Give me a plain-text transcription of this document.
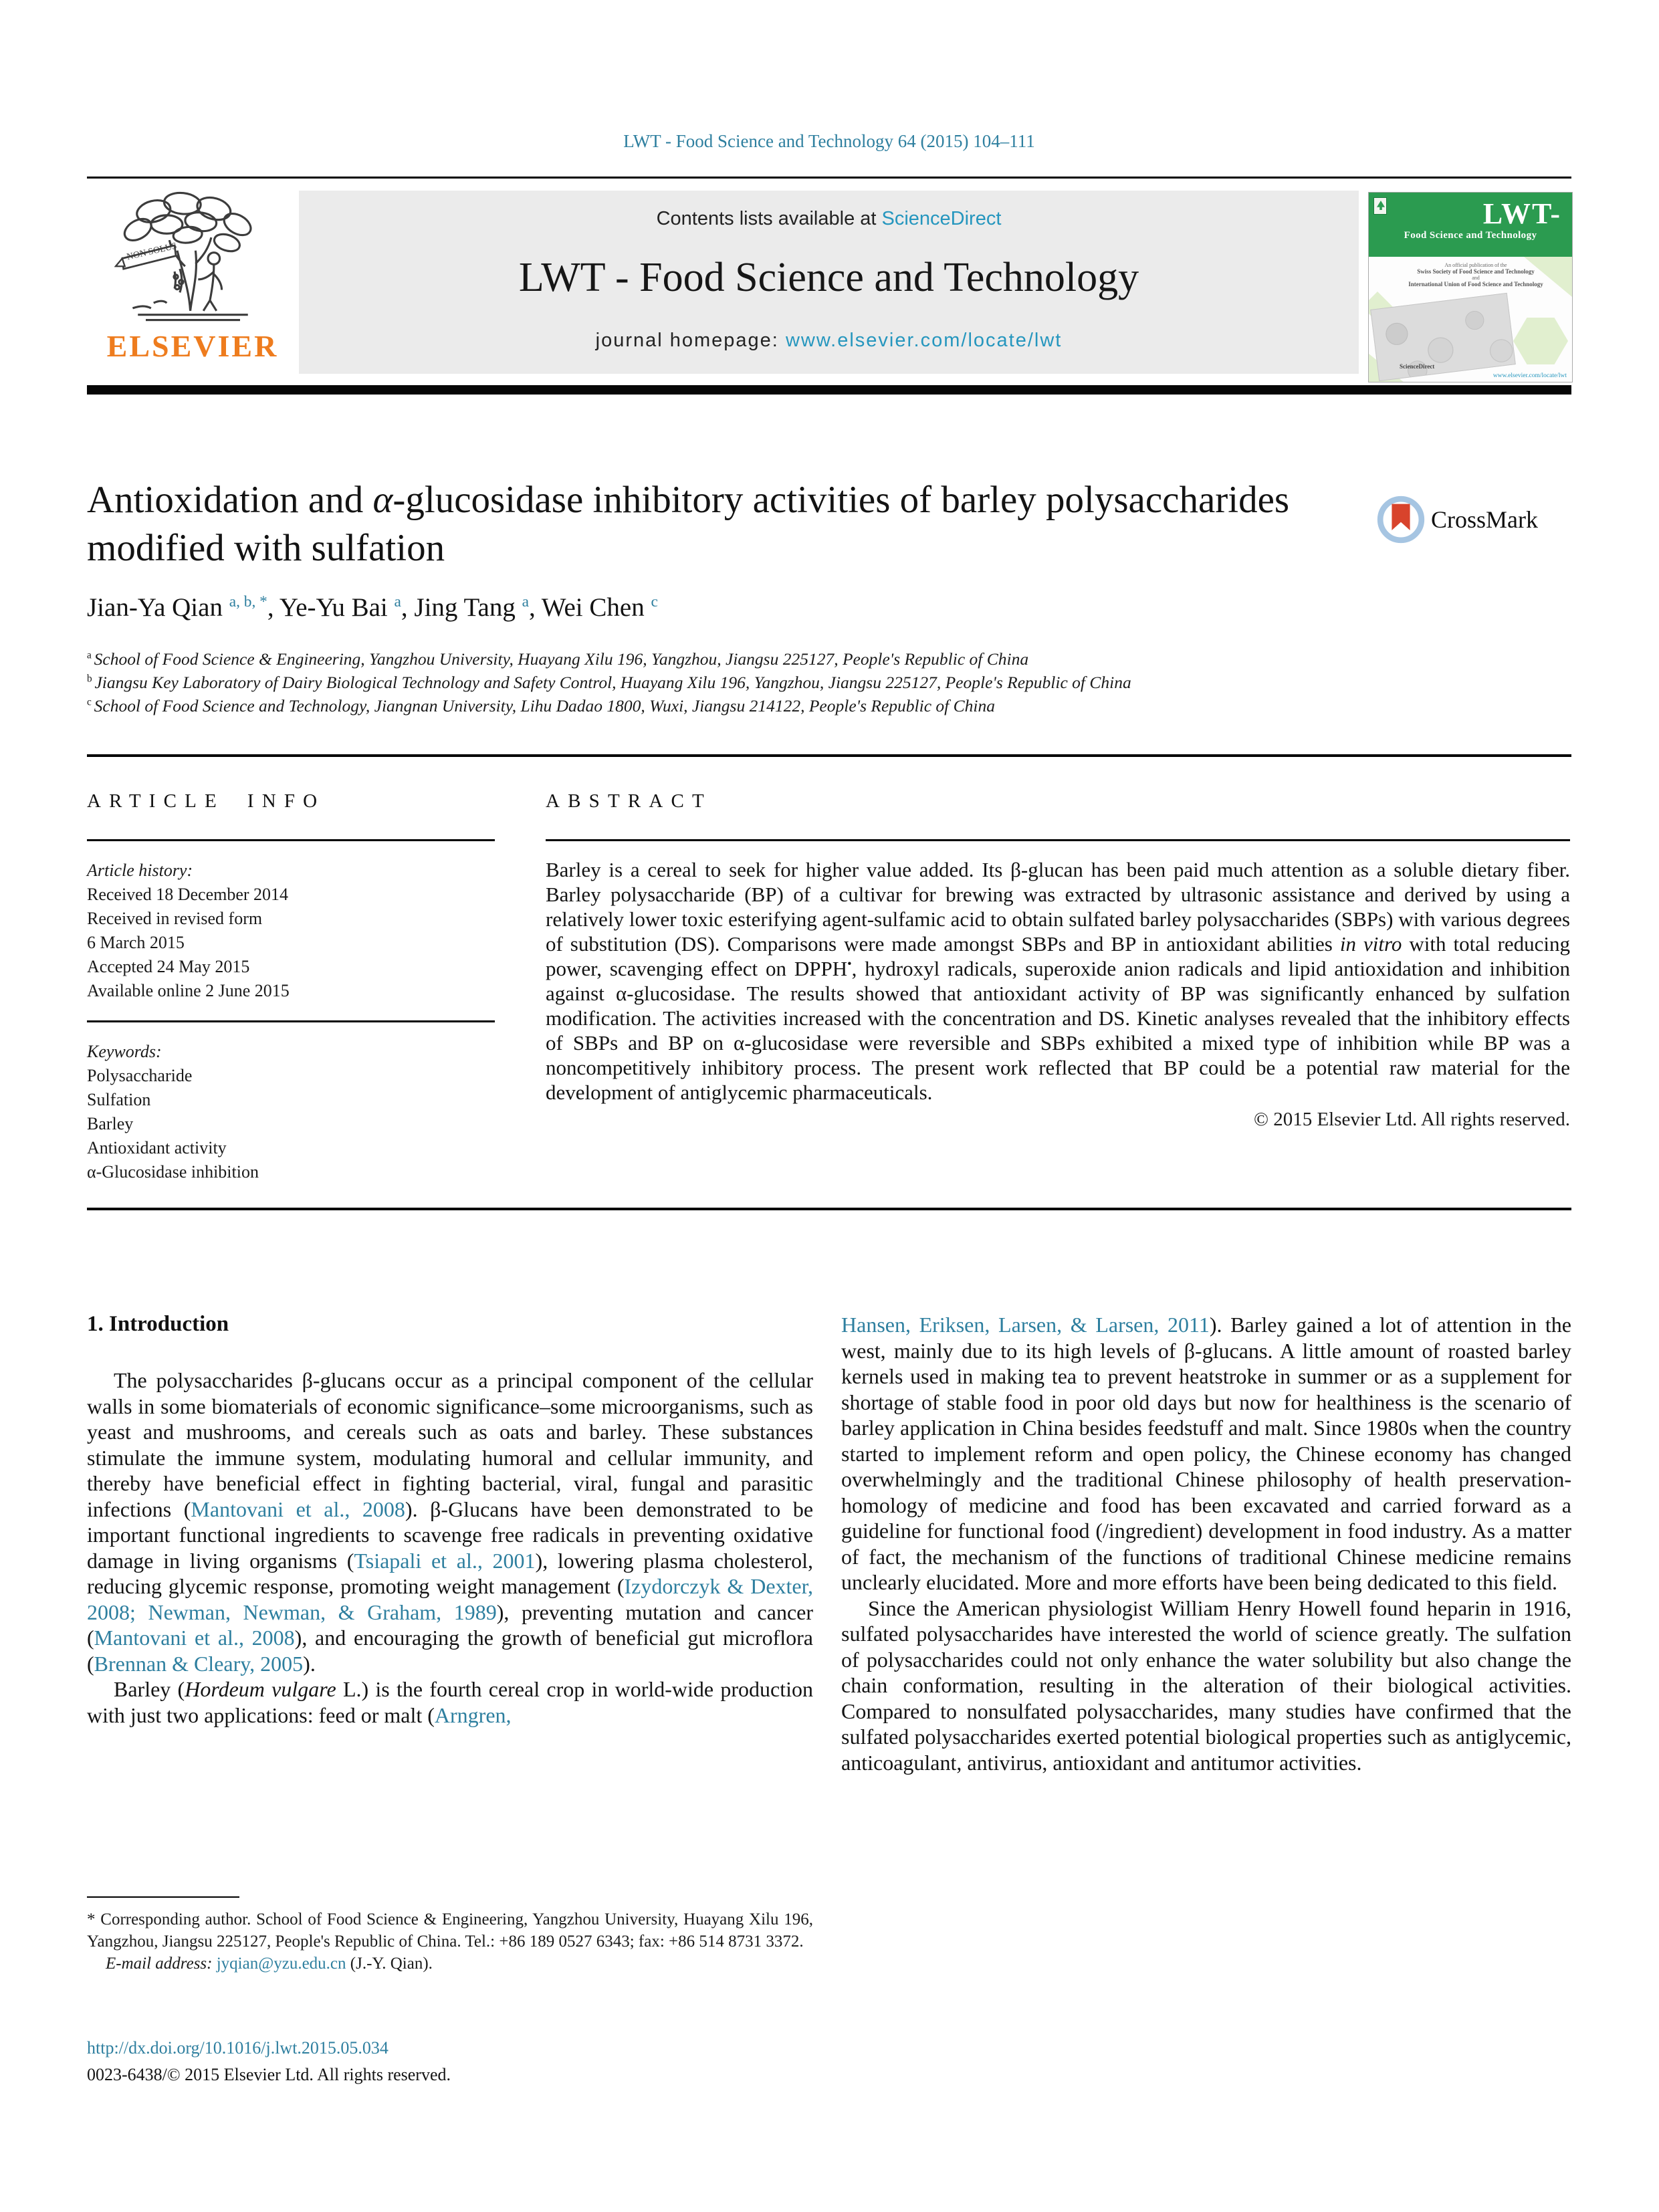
LWT - Food Science and Technology 64 (2015) 104–111
NON SOLUS
ELSEVIER
Contents lists available at ScienceDirect
LWT - Food Science and Technology
journal homepage: www.elsevier.com/locate/lwt
LWT-
Food Science and Technology
An official publication of the
Swiss Society of Food Science and Technology
and
International Union of Food Science and Technology
ScienceDirect
www.elsevier.com/locate/lwt
Antioxidation and α-glucosidase inhibitory activities of barley polysaccharides modified with sulfation
CrossMark
Jian-Ya Qian $^{a, b, *}$, Ye-Yu Bai $^a$, Jing Tang $^a$, Wei Chen $^c$
$^a$ School of Food Science & Engineering, Yangzhou University, Huayang Xilu 196, Yangzhou, Jiangsu 225127, People's Republic of China
$^b$ Jiangsu Key Laboratory of Dairy Biological Technology and Safety Control, Huayang Xilu 196, Yangzhou, Jiangsu 225127, People's Republic of China
$^c$ School of Food Science and Technology, Jiangnan University, Lihu Dadao 1800, Wuxi, Jiangsu 214122, People's Republic of China
ARTICLE INFO
Article history:
Received 18 December 2014
Received in revised form
6 March 2015
Accepted 24 May 2015
Available online 2 June 2015
Keywords:
Polysaccharide
Sulfation
Barley
Antioxidant activity
α-Glucosidase inhibition
ABSTRACT
Barley is a cereal to seek for higher value added. Its β-glucan has been paid much attention as a soluble dietary fiber. Barley polysaccharide (BP) of a cultivar for brewing was extracted by ultrasonic assistance and derived by using a relatively lower toxic esterifying agent-sulfamic acid to obtain sulfated barley polysaccharides (SBPs) with various degrees of substitution (DS). Comparisons were made amongst SBPs and BP in antioxidant abilities in vitro with total reducing power, scavenging effect on DPPH•, hydroxyl radicals, superoxide anion radicals and lipid antioxidation and inhibition against α-glucosidase. The results showed that antioxidant activity of BP was significantly enhanced by sulfation modification. The activities increased with the concentration and DS. Kinetic analyses revealed that the inhibitory effects of SBPs and BP on α-glucosidase were reversible and SBPs exhibited a mixed type of inhibition while BP was a noncompetitively inhibitory process. The present work reflected that BP could be a potential raw material for the development of antiglycemic pharmaceuticals.
© 2015 Elsevier Ltd. All rights reserved.
1. Introduction

The polysaccharides β-glucans occur as a principal component of the cellular walls in some biomaterials of economic significance–some microorganisms, such as yeast and mushrooms, and cereals such as oats and barley. These substances stimulate the immune system, modulating humoral and cellular immunity, and thereby have beneficial effect in fighting bacterial, viral, fungal and parasitic infections (Mantovani et al., 2008). β-Glucans have been demonstrated to be important functional ingredients to scavenge free radicals in preventing oxidative damage in living organisms (Tsiapali et al., 2001), lowering plasma cholesterol, reducing glycemic response, promoting weight management (Izydorczyk & Dexter, 2008; Newman, Newman, & Graham, 1989), preventing mutation and cancer (Mantovani et al., 2008), and encouraging the growth of beneficial gut microflora (Brennan & Cleary, 2005).

Barley (Hordeum vulgare L.) is the fourth cereal crop in world-wide production with just two applications: feed or malt (Arngren,

Hansen, Eriksen, Larsen, & Larsen, 2011). Barley gained a lot of attention in the west, mainly due to its high levels of β-glucans. A little amount of roasted barley kernels used in making tea to prevent heatstroke in summer or as a supplement for shortage of stable food in poor old days but now for healthiness is the scenario of barley application in China besides feedstuff and malt. Since 1980s when the country started to implement reform and open policy, the Chinese economy has changed overwhelmingly and the traditional Chinese philosophy of health preservation-homology of medicine and food has been excavated and carried forward as a guideline for functional food (/ingredient) development in food industry. As a matter of fact, the mechanism of the functions of traditional Chinese medicine remains unclearly elucidated. More and more efforts have been being dedicated to this field.

Since the American physiologist William Henry Howell found heparin in 1916, sulfated polysaccharides have interested the world of science greatly. The sulfation of polysaccharides could not only enhance the water solubility but also change the chain conformation, resulting in the alteration of their biological activities. Compared to nonsulfated polysaccharides, many studies have confirmed that the sulfated polysaccharides exerted potential biological properties such as antiglycemic, anticoagulant, antivirus, antioxidant and antitumor activities.

* Corresponding author. School of Food Science & Engineering, Yangzhou University, Huayang Xilu 196, Yangzhou, Jiangsu 225127, People's Republic of China. Tel.: +86 189 0527 6343; fax: +86 514 8731 3372.

E-mail address: jyqian@yzu.edu.cn (J.-Y. Qian).

http://dx.doi.org/10.1016/j.lwt.2015.05.034
0023-6438/© 2015 Elsevier Ltd. All rights reserved.
